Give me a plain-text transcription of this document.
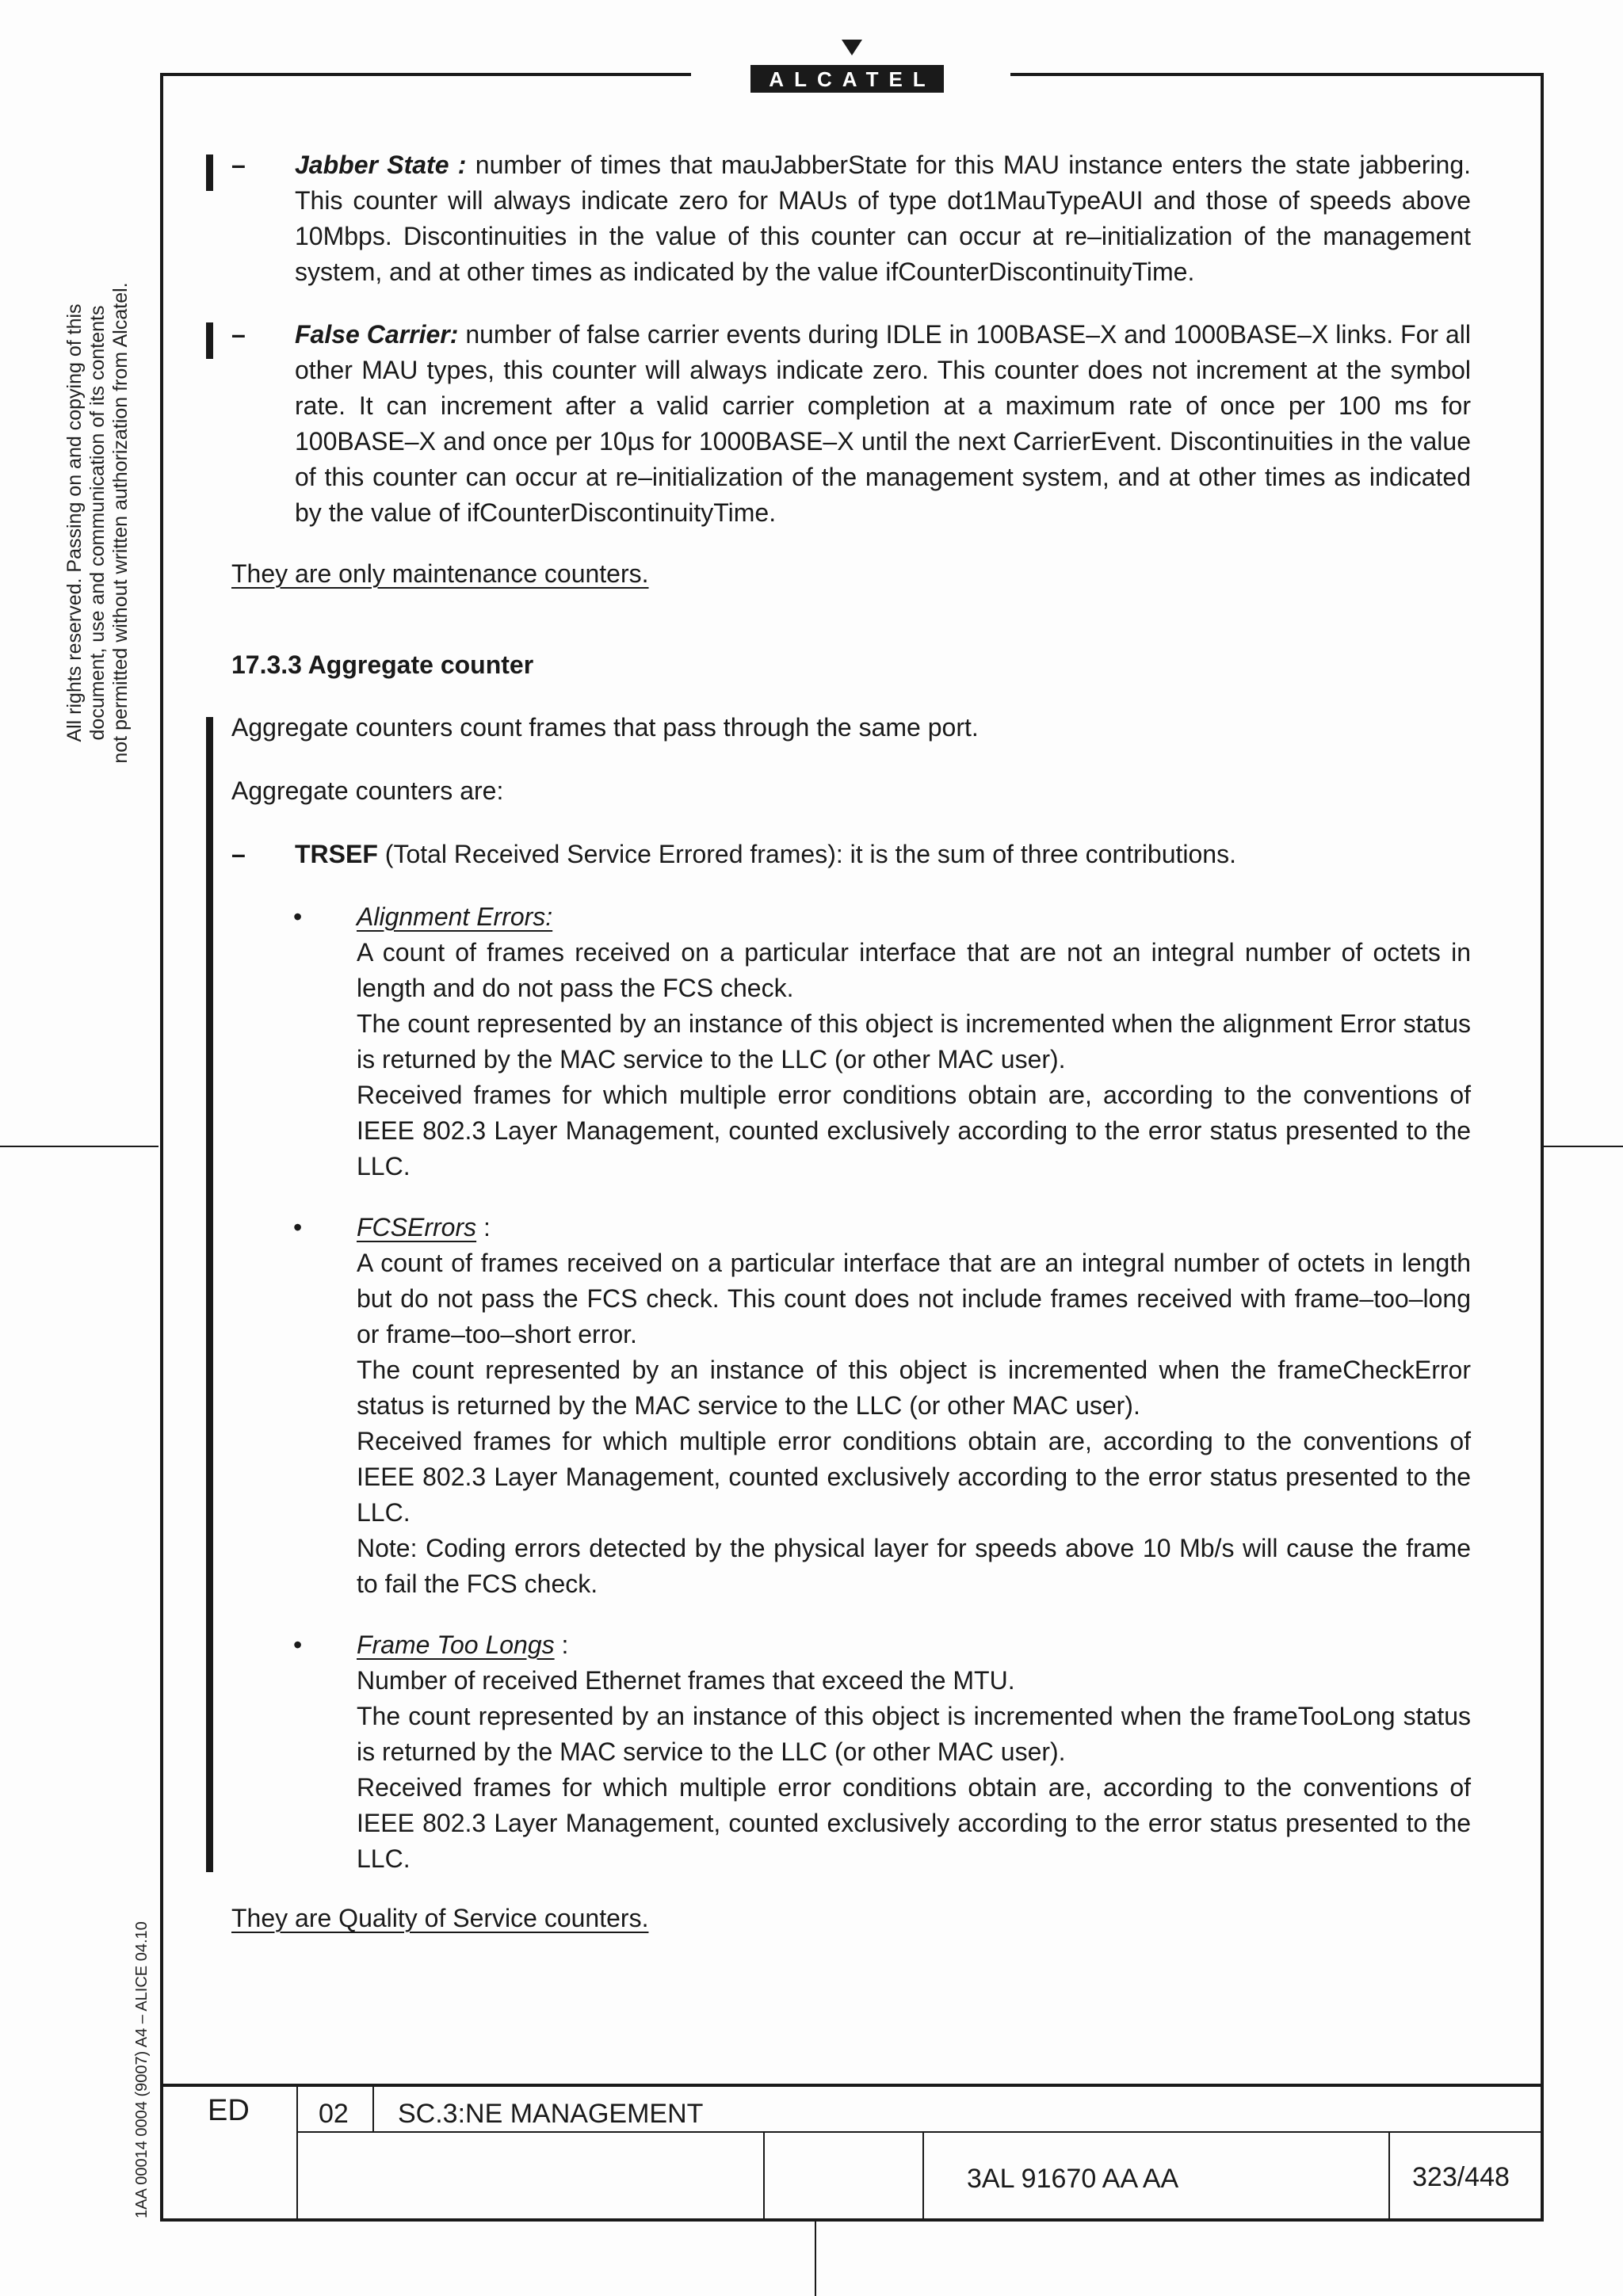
ALCATEL
All rights reserved. Passing on and copying of this document, use and communication of its contents not permitted without written authorization from Alcatel.
1AA 00014 0004 (9007) A4 – ALICE 04.10
– Jabber State : number of times that mauJabberState for this MAU instance enters the state jabbering. This counter will always indicate zero for MAUs of type dot1MauTypeAUI and those of speeds above 10Mbps. Discontinuities in the value of this counter can occur at re–initialization of the management system, and at other times as indicated by the value ifCounterDiscontinuityTime.
– False Carrier: number of false carrier events during IDLE in 100BASE–X and 1000BASE–X links. For all other MAU types, this counter will always indicate zero. This counter does not increment at the symbol rate. It can increment after a valid carrier completion at a maximum rate of once per 100 ms for 100BASE–X and once per 10µs for 1000BASE–X until the next CarrierEvent. Discontinuities in the value of this counter can occur at re–initialization of the management system, and at other times as indicated by the value of ifCounterDiscontinuityTime.
They are only maintenance counters.
17.3.3 Aggregate counter
Aggregate counters count frames that pass through the same port.
Aggregate counters are:
– TRSEF (Total Received Service Errored frames): it is the sum of three contributions.
• Alignment Errors:
A count of frames received on a particular interface that are not an integral number of octets in length and do not pass the FCS check.
The count represented by an instance of this object is incremented when the alignment Error status is returned by the MAC service to the LLC (or other MAC user).
Received frames for which multiple error conditions obtain are, according to the conventions of IEEE 802.3 Layer Management, counted exclusively according to the error status presented to the LLC.
• FCSErrors :
A count of frames received on a particular interface that are an integral number of octets in length but do not pass the FCS check. This count does not include frames received with frame–too–long or frame–too–short error.
The count represented by an instance of this object is incremented when the frameCheckError status is returned by the MAC service to the LLC (or other MAC user).
Received frames for which multiple error conditions obtain are, according to the conventions of IEEE 802.3 Layer Management, counted exclusively according to the error status presented to the LLC.
Note: Coding errors detected by the physical layer for speeds above 10 Mb/s will cause the frame to fail the FCS check.
• Frame Too Longs :
Number of received Ethernet frames that exceed the MTU.
The count represented by an instance of this object is incremented when the frameTooLong status is returned by the MAC service to the LLC (or other MAC user).
Received frames for which multiple error conditions obtain are, according to the conventions of IEEE 802.3 Layer Management, counted exclusively according to the error status presented to the LLC.
They are Quality of Service counters.
ED	02 SC.3:NE MANAGEMENT
3AL 91670 AA AA	323/448
